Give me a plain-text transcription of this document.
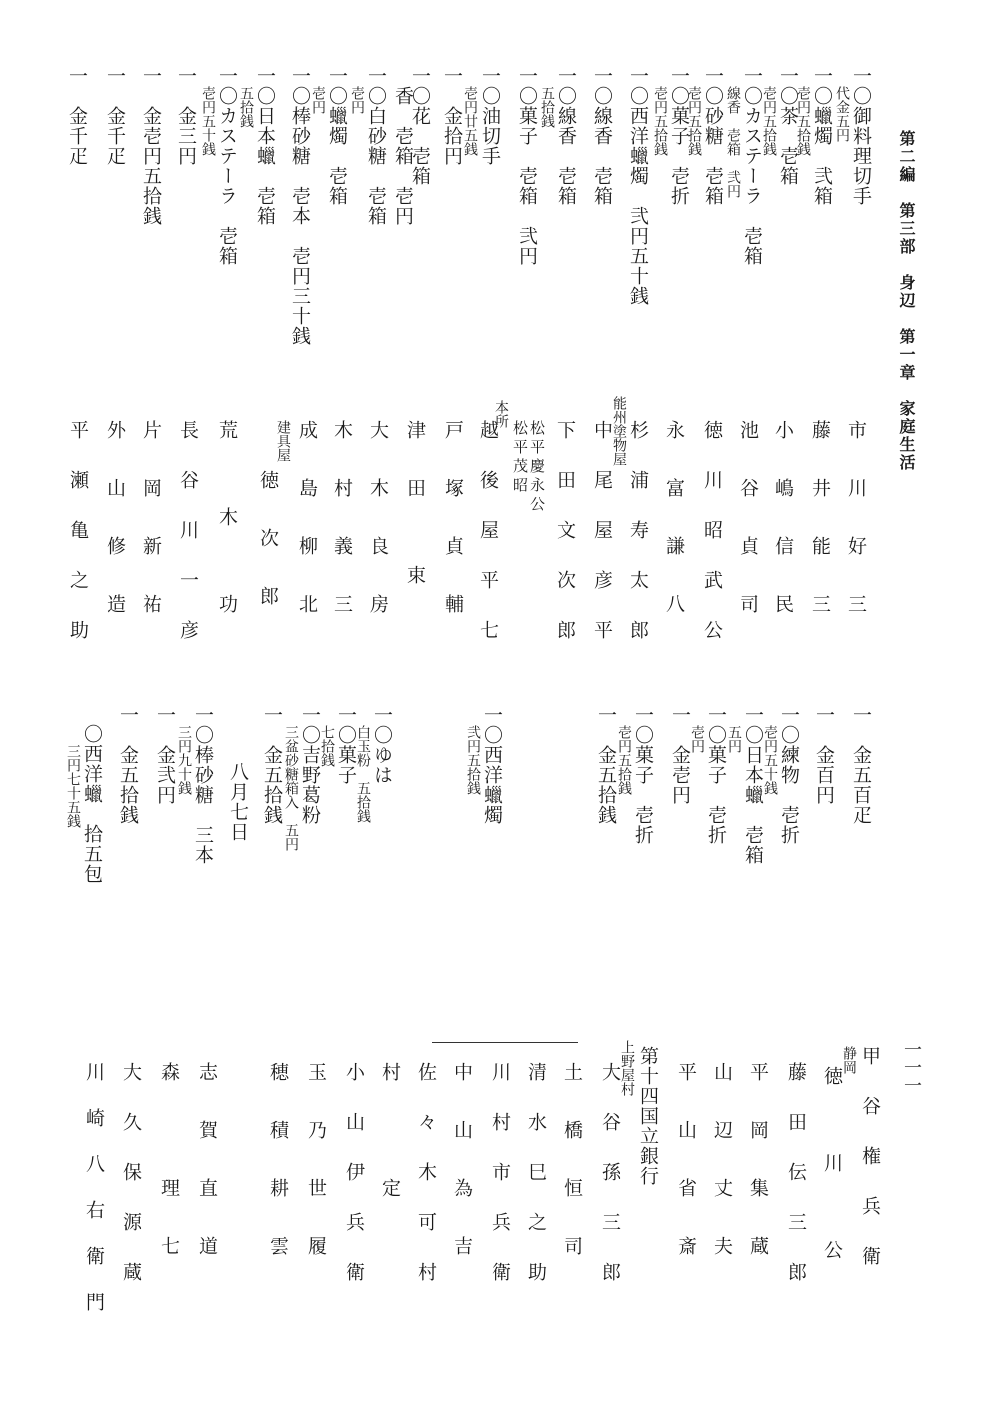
第二編　第三部　身辺　第一章　家庭生活
一一一
一〇御料理切手
代金五円
一〇蠟燭　弐箱
壱円五拾銭
一〇茶　壱箱
壱円五拾銭
一〇カステーラ　壱箱
線香　壱箱　弐円
一〇砂糖　壱箱
壱円五拾銭
一〇菓子　壱折
壱円五拾銭
一〇西洋蠟燭　弐円五十銭
一〇線香　壱箱
一〇線香　壱箱
五拾銭
一〇菓子　壱箱　弐円
一〇油切手
壱円廿五銭
一　金拾円
一〇花　壱箱
香　壱箱　壱円
一〇白砂糖　壱箱
壱円
一〇蠟燭　壱箱
壱円
一〇棒砂糖　壱本　壱円三十銭
一〇日本蠟　壱箱
五拾銭
一〇カステーラ　壱箱
壱円五十銭
一　金三円
一　金壱円五拾銭
一　金千疋
一　金千疋
市　川　好　三
藤　井　能　三
小　嶋　信　民
池　谷　貞　司
徳　川　昭　武　公
永　富　謙　八
杉　浦　寿　太　郎
能州塗物屋
中　尾　屋　彦　平
下　田　文　次　郎
松平慶永公
松平茂昭
本所
越　後　屋　平　七
戸　塚　貞　輔
津　田　　束
大　木　良　房
木　村　義　三
成　島　柳　北
建具屋
徳　次　郎
荒　　木　　功
長　谷　川　一　彦
片　岡　新　祐
外　山　修　造
平　瀬　亀　之　助
一　金五百疋
一　金百円
一〇練物　壱折
壱円五十銭
一〇日本蠟　壱箱
五円
一〇菓子　壱折
壱円
一　金壱円
一〇菓子　壱折
壱円五拾銭
一　金五拾銭
一〇西洋蠟燭
弐円五拾銭
一〇ゆは
白玉粉　五拾銭
一〇菓子
七拾銭
一〇吉野葛粉
三盆砂糖箱入　五円
一　金五拾銭
八月七日
一〇棒砂糖　三本
三円九十銭
一　金弐円
一　金五拾銭
〇西洋蠟　拾五包
三円七十五銭
甲　谷　権　兵　衛
静岡
徳　　川　　公
藤　田　伝　三　郎
平　岡　集　蔵
山　辺　丈　夫
平　山　省　斎
第十四国立銀行
上野屋村
大　谷　孫　三　郎
土　橋　恒　司
清　水　巳　之　助
川　村　市　兵　衛
中　山　為　吉
佐　々　木　可　村
村　　　定
小　山　伊　兵　衛
玉　乃　世　履
穂　積　耕　雲
志　賀　直　道
森　　　理　七
大　久　保　源　蔵
川　崎　八　右　衛　門
